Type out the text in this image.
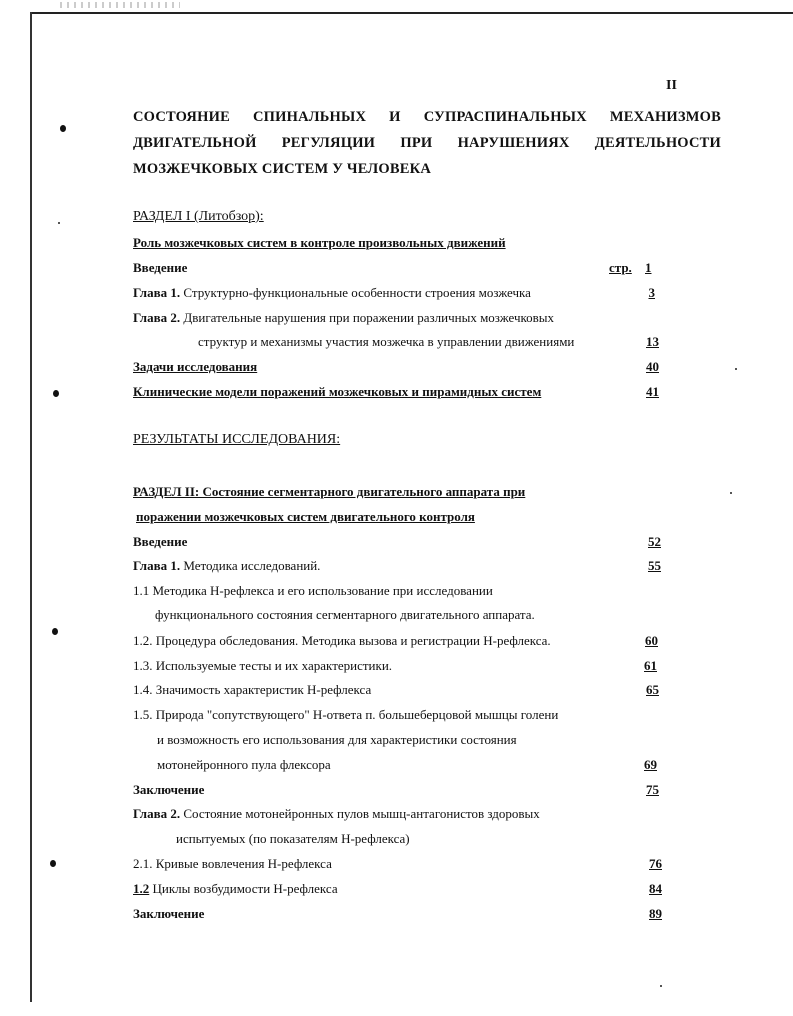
II
СОСТОЯНИЕ СПИНАЛЬНЫХ И СУПРАСПИНАЛЬНЫХ МЕХАНИЗМОВ
ДВИГАТЕЛЬНОЙ РЕГУЛЯЦИИ ПРИ НАРУШЕНИЯХ ДЕЯТЕЛЬНОСТИ
МОЗЖЕЧКОВЫХ СИСТЕМ У ЧЕЛОВЕКА
РАЗДЕЛ I (Литобзор):
Роль мозжечковых систем в контроле произвольных движений
Введение	стр. 1
Глава 1. Структурно-функциональные особенности строения мозжечка	3
Глава 2. Двигательные нарушения при поражении различных мозжечковых
структур и механизмы участия мозжечка в управлении движениями	13
Задачи исследования	40
Клинические модели поражений мозжечковых и пирамидных систем	41
РЕЗУЛЬТАТЫ ИССЛЕДОВАНИЯ:
РАЗДЕЛ II: Состояние сегментарного двигательного аппарата при
поражении мозжечковых систем двигательного контроля
Введение	52
Глава 1. Методика исследований.	55
1.1 Методика Н-рефлекса и его использование при исследовании
функционального состояния сегментарного двигательного аппарата.
1.2. Процедура обследования. Методика вызова и регистрации Н-рефлекса.	60
1.3. Используемые тесты и их характеристики.	61
1.4. Значимость характеристик Н-рефлекса	65
1.5. Природа "сопутствующего" Н-ответа п. большеберцовой мышцы голени
и возможность его использования для характеристики состояния
мотонейронного пула флексора	69
Заключение	75
Глава 2. Состояние мотонейронных пулов мышц-антагонистов здоровых
испытуемых (по показателям Н-рефлекса)
2.1. Кривые вовлечения Н-рефлекса	76
1.2 Циклы возбудимости Н-рефлекса	84
Заключение	89
